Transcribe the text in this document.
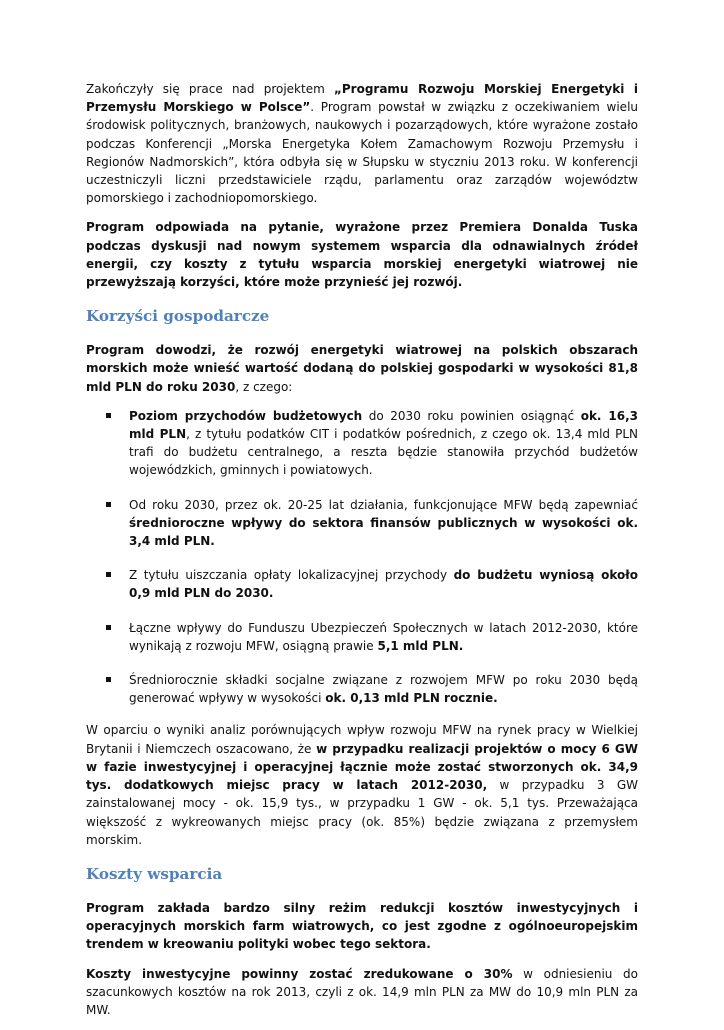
Zakończyły się prace nad projektem „Programu Rozwoju Morskiej Energetyki i Przemysłu Morskiego w Polsce”. Program powstał w związku z oczekiwaniem wielu środowisk politycznych, branżowych, naukowych i pozarządowych, które wyrażone zostało podczas Konferencji „Morska Energetyka Kołem Zamachowym Rozwoju Przemysłu i Regionów Nadmorskich”, która odbyła się w Słupsku w styczniu 2013 roku. W konferencji uczestniczyli liczni przedstawiciele rządu, parlamentu oraz zarządów województw pomorskiego i zachodniopomorskiego.

Program odpowiada na pytanie, wyrażone przez Premiera Donalda Tuska podczas dyskusji nad nowym systemem wsparcia dla odnawialnych źródeł energii, czy koszty z tytułu wsparcia morskiej energetyki wiatrowej nie przewyższają korzyści, które może przynieść jej rozwój.

Korzyści gospodarcze

Program dowodzi, że rozwój energetyki wiatrowej na polskich obszarach morskich może wnieść wartość dodaną do polskiej gospodarki w wysokości 81,8 mld PLN do roku 2030, z czego:

Poziom przychodów budżetowych do 2030 roku powinien osiągnąć ok. 16,3 mld PLN, z tytułu podatków CIT i podatków pośrednich, z czego ok. 13,4 mld PLN trafi do budżetu centralnego, a reszta będzie stanowiła przychód budżetów wojewódzkich, gminnych i powiatowych.
Od roku 2030, przez ok. 20-25 lat działania, funkcjonujące MFW będą zapewniać średnioroczne wpływy do sektora finansów publicznych w wysokości ok. 3,4 mld PLN.
Z tytułu uiszczania opłaty lokalizacyjnej przychody do budżetu wyniosą około 0,9 mld PLN do 2030.
Łączne wpływy do Funduszu Ubezpieczeń Społecznych w latach 2012-2030, które wynikają z rozwoju MFW, osiągną prawie 5,1 mld PLN.
Średniorocznie składki socjalne związane z rozwojem MFW po roku 2030 będą generować wpływy w wysokości ok. 0,13 mld PLN rocznie.

W oparciu o wyniki analiz porównujących wpływ rozwoju MFW na rynek pracy w Wielkiej Brytanii i Niemczech oszacowano, że w przypadku realizacji projektów o mocy 6 GW w fazie inwestycyjnej i operacyjnej łącznie może zostać stworzonych ok. 34,9 tys. dodatkowych miejsc pracy w latach 2012-2030, w przypadku 3 GW zainstalowanej mocy - ok. 15,9 tys., w przypadku 1 GW - ok. 5,1 tys. Przeważająca większość z wykreowanych miejsc pracy (ok. 85%) będzie związana z przemysłem morskim.

Koszty wsparcia

Program zakłada bardzo silny reżim redukcji kosztów inwestycyjnych i operacyjnych morskich farm wiatrowych, co jest zgodne z ogólnoeuropejskim trendem w kreowaniu polityki wobec tego sektora.

Koszty inwestycyjne powinny zostać zredukowane o 30% w odniesieniu do szacunkowych kosztów na rok 2013, czyli z ok. 14,9 mln PLN za MW do 10,9 mln PLN za MW.
